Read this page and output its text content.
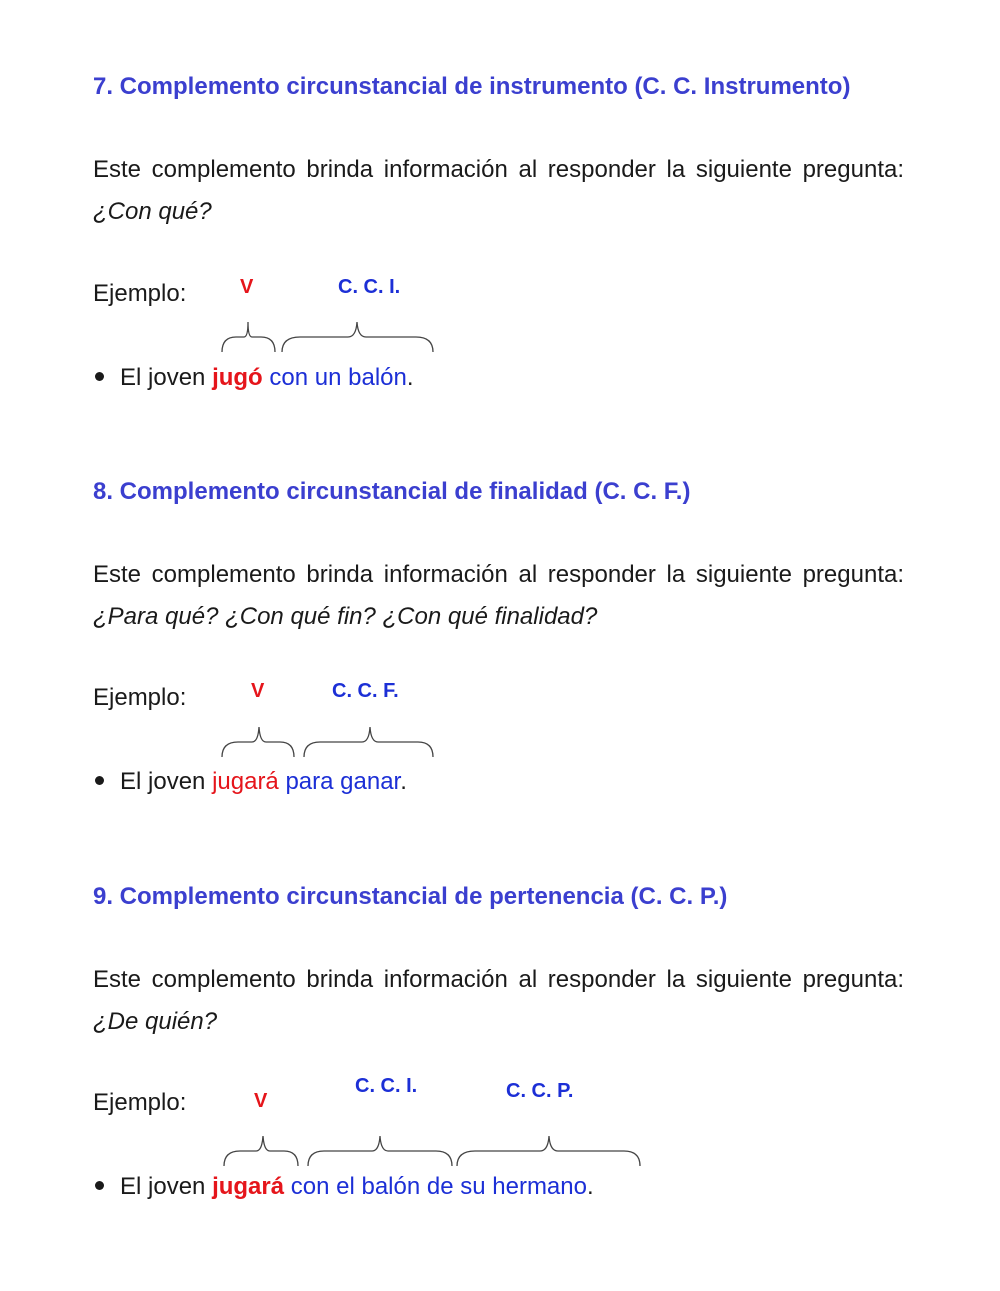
7. Complemento circunstancial de instrumento (C. C. Instrumento)
Este complemento brinda información al responder la siguiente pregunta: ¿Con qué?
Ejemplo:	V	C. C. I.
El joven jugó con un balón.
8. Complemento circunstancial de finalidad (C. C. F.)
Este complemento brinda información al responder la siguiente pregunta: ¿Para qué? ¿Con qué fin? ¿Con qué finalidad?
Ejemplo:	V	C. C. F.
El joven jugará para ganar.
9. Complemento circunstancial de pertenencia (C. C. P.)
Este complemento brinda información al responder la siguiente pregunta: ¿De quién?
Ejemplo:	V
C. C. I.	C. C. P.
El joven jugará con el balón de su hermano.
